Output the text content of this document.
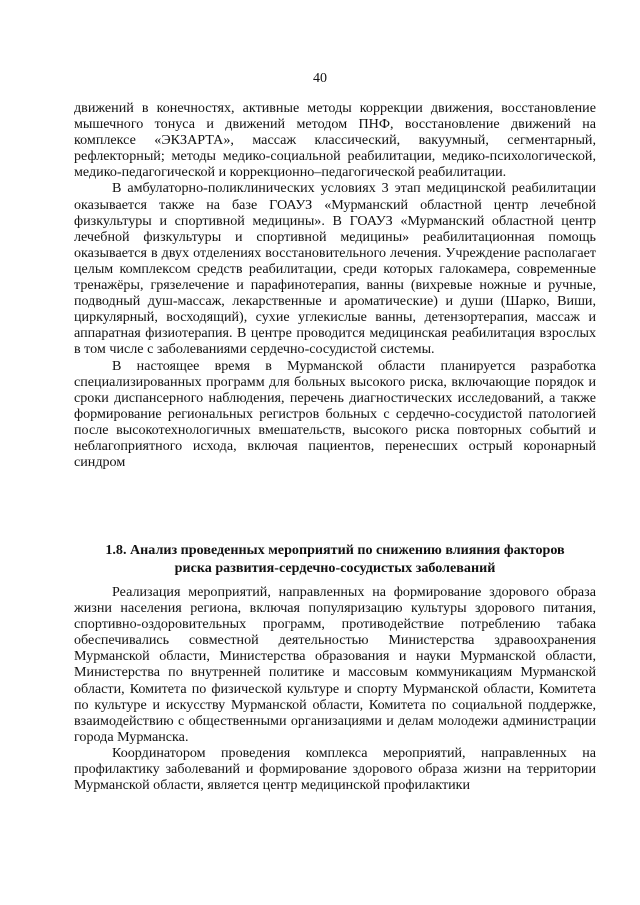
40

движений в конечностях, активные методы коррекции движения, восстановление мышечного тонуса и движений методом ПНФ, восстановление движений на комплексе «ЭКЗАРТА», массаж классический, вакуумный, сегментарный, рефлекторный; методы медико-социальной реабилитации, медико-психологической, медико-педагогической и коррекционно–педагогической реабилитации.

В амбулаторно-поликлинических условиях 3 этап медицинской реабилитации оказывается также на базе ГОАУЗ «Мурманский областной центр лечебной физкультуры и спортивной медицины». В ГОАУЗ «Мурманский областной центр лечебной физкультуры и спортивной медицины» реабилитационная помощь оказывается в двух отделениях восстановительного лечения. Учреждение располагает целым комплексом средств реабилитации, среди которых галокамера, современные тренажёры, грязелечение и парафинотерапия, ванны (вихревые ножные и ручные, подводный душ-массаж, лекарственные и ароматические) и души (Шарко, Виши, циркулярный, восходящий), сухие углекислые ванны, детензортерапия, массаж и аппаратная физиотерапия. В центре проводится медицинская реабилитация взрослых в том числе с заболеваниями сердечно-сосудистой системы.

В настоящее время в Мурманской области планируется разработка специализированных программ для больных высокого риска, включающие порядок и сроки диспансерного наблюдения, перечень диагностических исследований, а также формирование региональных регистров больных с сердечно-сосудистой патологией после высокотехнологичных вмешательств, высокого риска повторных событий и неблагоприятного исхода, включая пациентов, перенесших острый коронарный синдром

1.8. Анализ проведенных мероприятий по снижению влияния факторов
риска развития-сердечно-сосудистых заболеваний

Реализация мероприятий, направленных на формирование здорового образа жизни населения региона, включая популяризацию культуры здорового питания, спортивно-оздоровительных программ, противодействие потреблению табака обеспечивались совместной деятельностью Министерства здравоохранения Мурманской области, Министерства образования и науки Мурманской области, Министерства по внутренней политике и массовым коммуникациям Мурманской области, Комитета по физической культуре и спорту Мурманской области, Комитета по культуре и искусству Мурманской области, Комитета по социальной поддержке, взаимодействию с общественными организациями и делам молодежи администрации города Мурманска.

Координатором проведения комплекса мероприятий, направленных на профилактику заболеваний и формирование здорового образа жизни на территории Мурманской области, является центр медицинской профилактики
